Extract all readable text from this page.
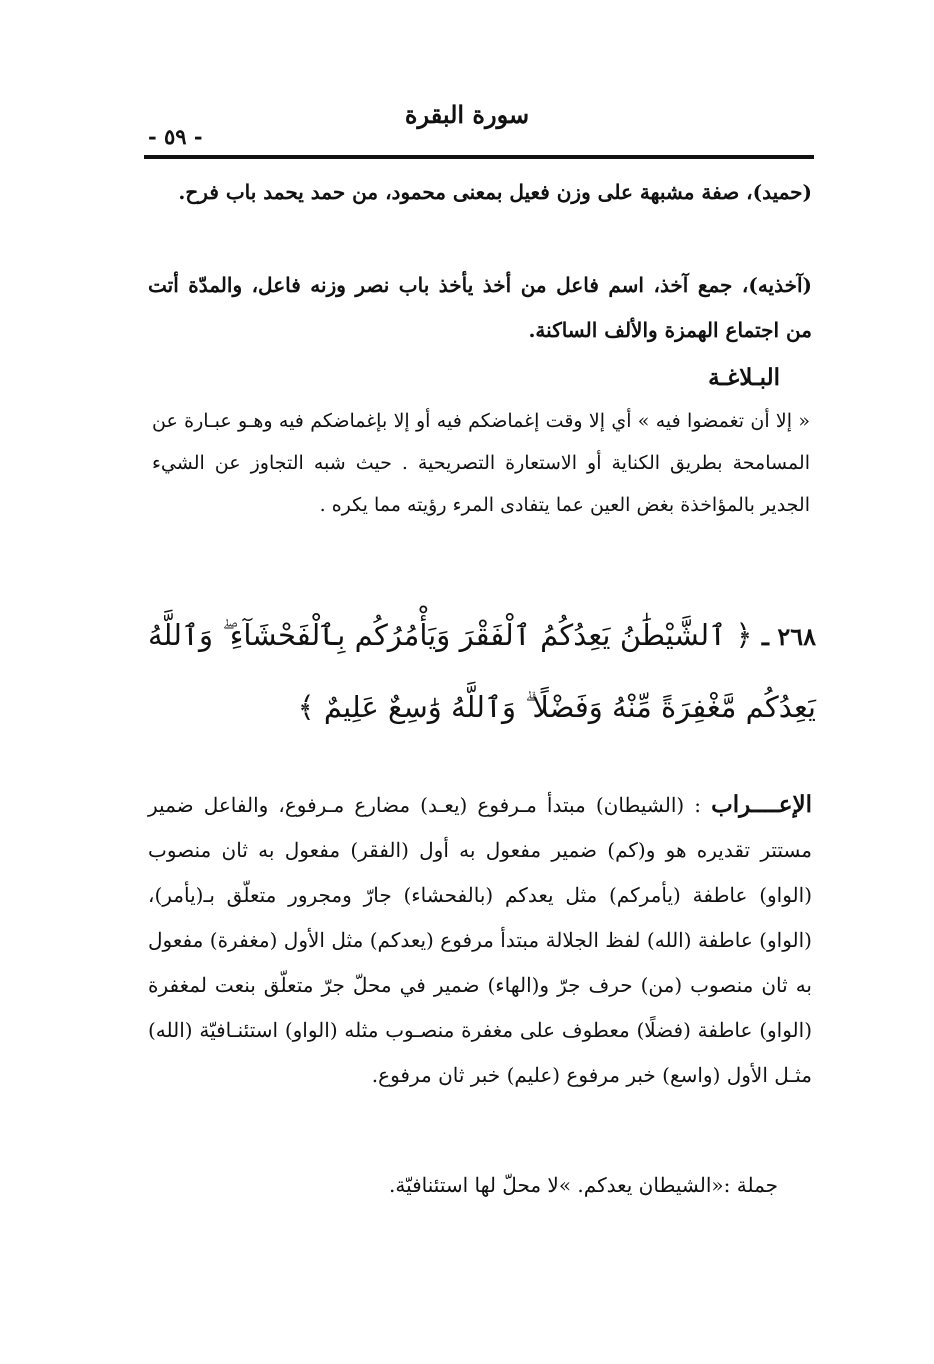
سورة البقرة
- ٥٩ -
(حميد)، صفة مشبهة على وزن فعيل بمعنى محمود، من حمد يحمد باب فرح.
(آخذيه)، جمع آخذ، اسم فاعل من أخذ يأخذ باب نصر وزنه فاعل، والمدّة أتت من اجتماع الهمزة والألف الساكنة.
البـلاغـة
« إلا أن تغمضوا فيه » أي إلا وقت إغماضكم فيه أو إلا بإغماضكم فيه وهـو عبـارة عن المسامحة بطريق الكناية أو الاستعارة التصريحية . حيث شبه التجاوز عن الشيء الجدير بالمؤاخذة بغض العين عما يتفادى المرء رؤيته مما يكره .
٢٦٨ ـ ﴿ ٱلشَّيْطَٰنُ يَعِدُكُمُ ٱلْفَقْرَ وَيَأْمُرُكُم بِٱلْفَحْشَآءِ ۖ وَٱللَّهُ يَعِدُكُم مَّغْفِرَةً مِّنْهُ وَفَضْلًا ۗ وَٱللَّهُ وَٰسِعٌ عَلِيمٌ ﴾
الإعــــراب : (الشيطان) مبتدأ مـرفوع (يعـد) مضارع مـرفوع، والفاعل ضمير مستتر تقديره هو و(كم) ضمير مفعول به أول (الفقر) مفعول به ثان منصوب (الواو) عاطفة (يأمركم) مثل يعدكم (بالفحشاء) جارّ ومجرور متعلّق بـ(يأمر)، (الواو) عاطفة (الله) لفظ الجلالة مبتدأ مرفوع (يعدكم) مثل الأول (مغفرة) مفعول به ثان منصوب (من) حرف جرّ و(الهاء) ضمير في محلّ جرّ متعلّق بنعت لمغفرة (الواو) عاطفة (فضلًا) معطوف على مغفرة منصـوب مثله (الواو) استئنـافيّة (الله) مثـل الأول (واسع) خبر مرفوع (عليم) خبر ثان مرفوع.
جملة :«الشيطان يعدكم. »لا محلّ لها استئنافيّة.
